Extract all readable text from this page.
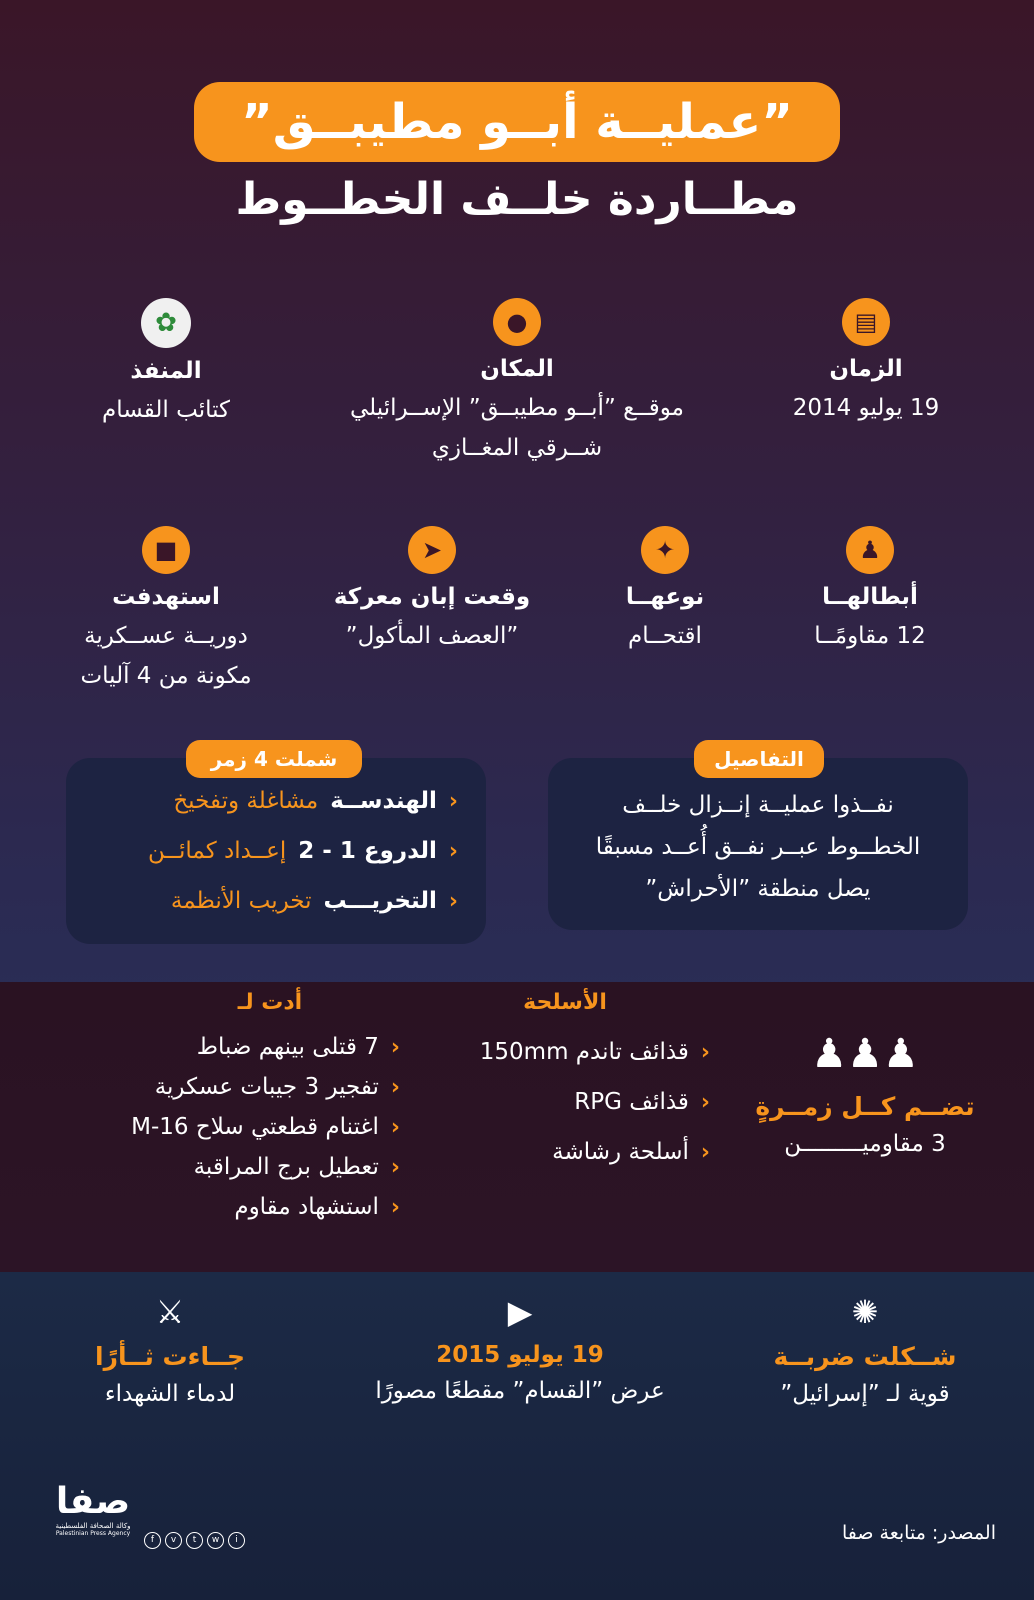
”عمليــة أبــو مطيبــق”
مطــاردة خلــف الخطــوط
▤
الزمان
19 يوليو 2014
●
المكان
موقــع ”أبــو مطيبــق” الإســرائيلي
شــرقي المغــازي
✿
المنفذ
كتائب القسام
♟
أبطالهــا
12 مقاومًــا
✦
نوعهــا
اقتحــام
➤
وقعت إبان معركة
”العصف المأكول”
■
استهدفت
دوريــة عســكرية
مكونة من 4 آليات
نفــذوا عمليــة إنــزال خلــف
الخطــوط عبــر نفــق أُعــد مسبقًا
يصل منطقة ”الأحراش”
التفاصيل
‹
الهندســة
مشاغلة وتفخيخ
‹
الدروع 1 - 2
إعــداد كمائــن
‹
التخريـــب
تخريب الأنظمة
شملت 4 زمر
♟♟♟
تضــم كــل زمــرةٍ
3 مقاوميـــــــــن
الأسلحة
‹
قذائف تاندم 150mm
‹
قذائف RPG
‹
أسلحة رشاشة
أدت لـ
‹
7 قتلى بينهم ضباط
‹
تفجير 3 جيبات عسكرية
‹
اغتنام قطعتي سلاح M-16
‹
تعطيل برج المراقبة
‹
استشهاد مقاوم
✺
شــكلت ضربــة
قوية لـ ”إسرائيل”
▶
19 يوليو 2015
عرض ”القسام” مقطعًا مصورًا
⚔
جــاءت ثــأرًا
لدماء الشهداء
المصدر: متابعة صفا
صفا
وكالة الصحافة الفلسطينية
Palestinian Press Agency
f	v	t	w	i
